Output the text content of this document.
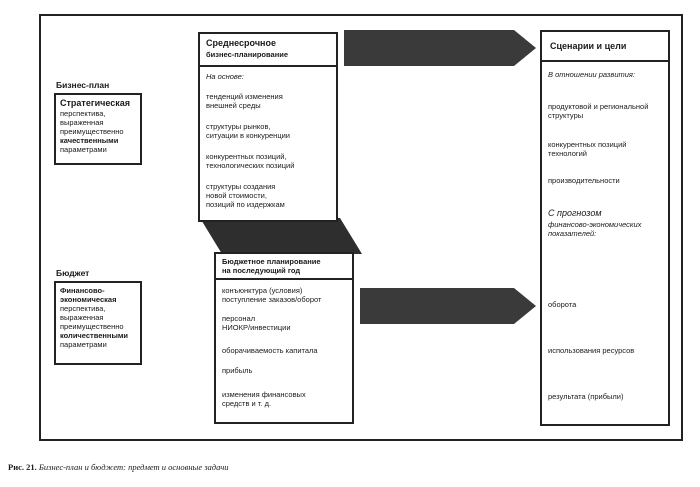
Бизнес-план
Стратегическая
перспектива,
выраженная
преимущественно
качественными
параметрами
Бюджет
Финансово-
экономическая
перспектива,
выраженная
преимущественно
количественными
параметрами
Среднесрочное
бизнес-планирование
На основе:
тенденций изменения
внешней среды
структуры рынков,
ситуации в конкуренции
конкурентных позиций,
технологических позиций
структуры создания
новой стоимости,
позиций по издержкам
Бюджетное планирование
на последующий год
конъюнктура (условия)
поступление заказов/оборот
персонал
НИОКР/инвестиции
оборачиваемость капитала
прибыль
изменения финансовых
средств и т. д.
Сценарии и цели
В отношении развития:
продуктовой и региональной
структуры
конкурентных позиций
технологий
производительности
С прогнозом
финансово-экономических
показателей:
оборота
использования ресурсов
результата (прибыли)
Рис. 21. Бизнес-план и бюджет: предмет и основные задачи
